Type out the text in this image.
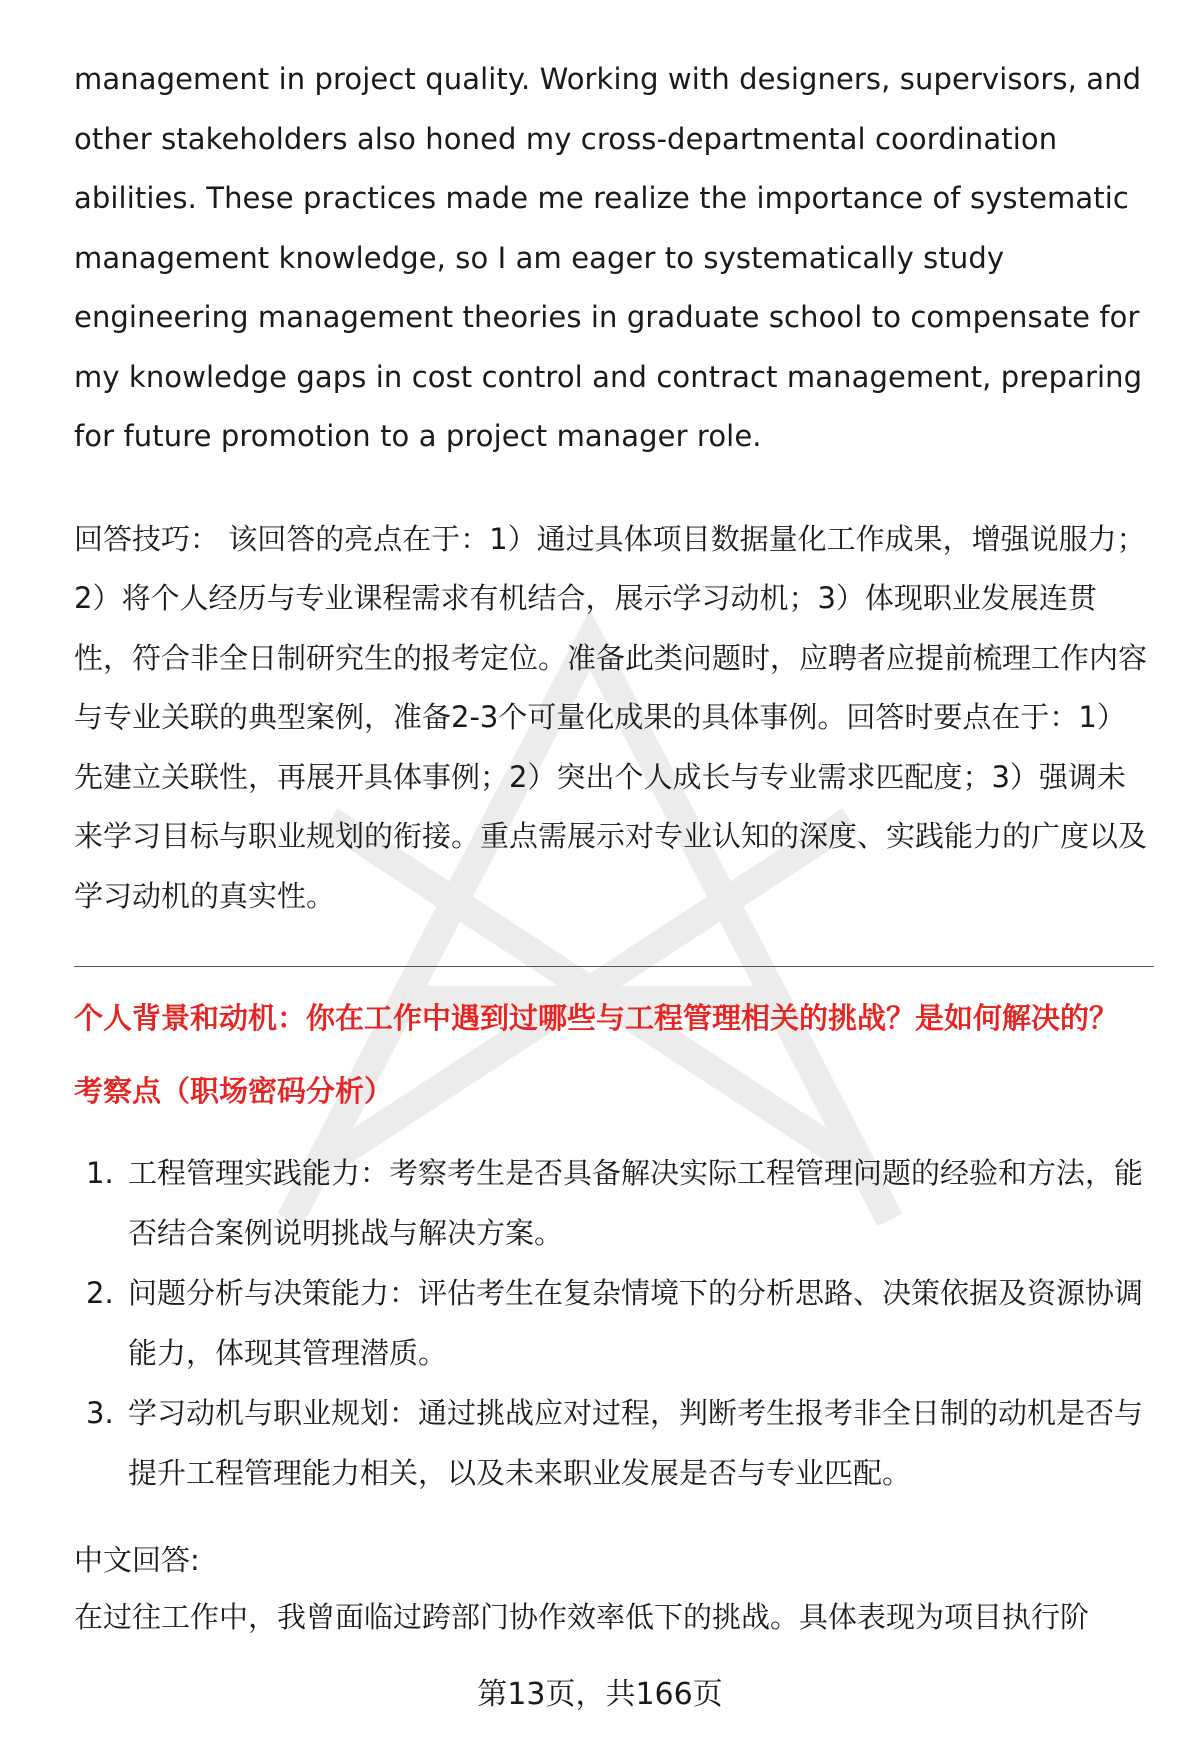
management in project quality. Working with designers, supervisors, and other stakeholders also honed my cross-departmental coordination abilities. These practices made me realize the importance of systematic management knowledge, so I am eager to systematically study engineering management theories in graduate school to compensate for my knowledge gaps in cost control and contract management, preparing for future promotion to a project manager role.

回答技巧： 该回答的亮点在于：1）通过具体项目数据量化工作成果，增强说服力；2）将个人经历与专业课程需求有机结合，展示学习动机；3）体现职业发展连贯性，符合非全日制研究生的报考定位。准备此类问题时，应聘者应提前梳理工作内容与专业关联的典型案例，准备2-3个可量化成果的具体事例。回答时要点在于：1）先建立关联性，再展开具体事例；2）突出个人成长与专业需求匹配度；3）强调未来学习目标与职业规划的衔接。重点需展示对专业认知的深度、实践能力的广度以及学习动机的真实性。

个人背景和动机：你在工作中遇到过哪些与工程管理相关的挑战？是如何解决的？
考察点（职场密码分析）
1. 工程管理实践能力：考察考生是否具备解决实际工程管理问题的经验和方法，能否结合案例说明挑战与解决方案。
2. 问题分析与决策能力：评估考生在复杂情境下的分析思路、决策依据及资源协调能力，体现其管理潜质。
3. 学习动机与职业规划：通过挑战应对过程，判断考生报考非全日制的动机是否与提升工程管理能力相关，以及未来职业发展是否与专业匹配。

中文回答:

在过往工作中，我曾面临过跨部门协作效率低下的挑战。具体表现为项目执行阶

第13页，共166页
